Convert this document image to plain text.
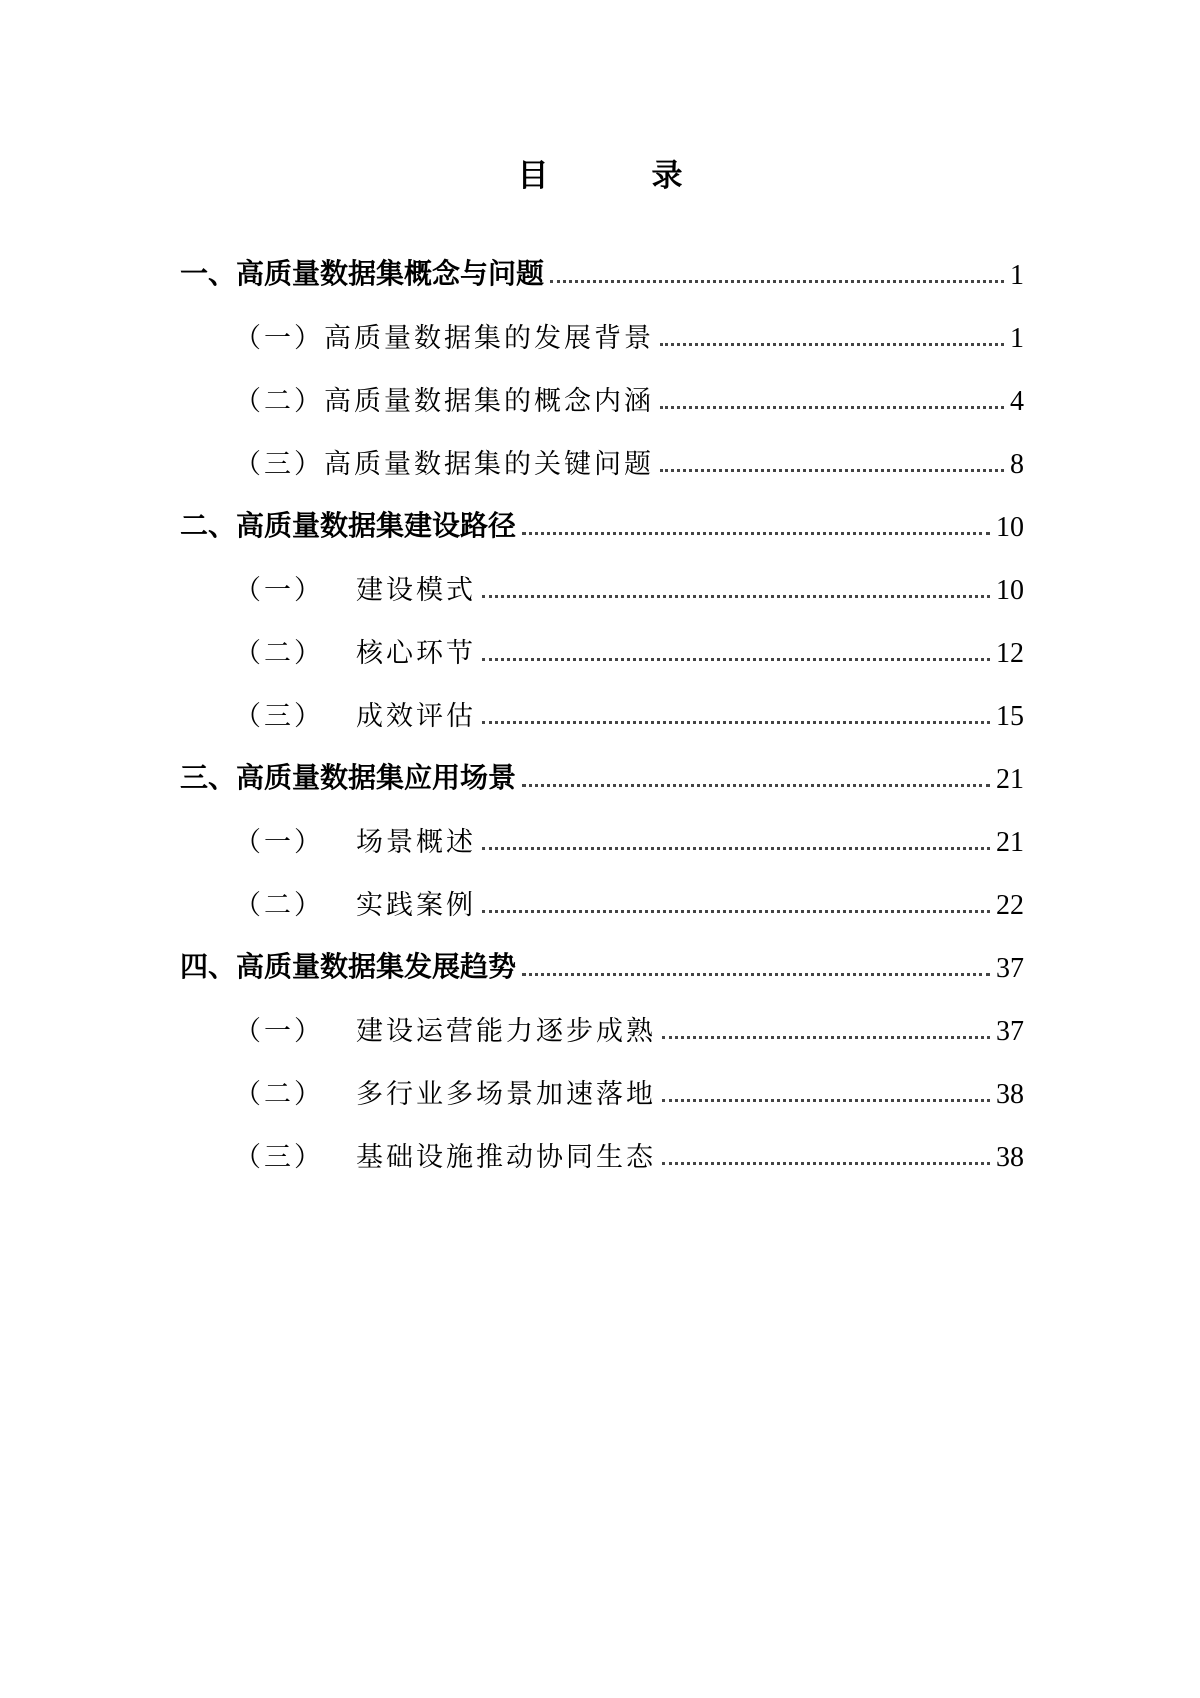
目　录
一、高质量数据集概念与问题	1
（一）高质量数据集的发展背景	1
（二）高质量数据集的概念内涵	4
（三）高质量数据集的关键问题	8
二、高质量数据集建设路径	10
（一） 建设模式	10
（二） 核心环节	12
（三） 成效评估	15
三、高质量数据集应用场景	21
（一） 场景概述	21
（二） 实践案例	22
四、高质量数据集发展趋势	37
（一） 建设运营能力逐步成熟	37
（二） 多行业多场景加速落地	38
（三） 基础设施推动协同生态	38
